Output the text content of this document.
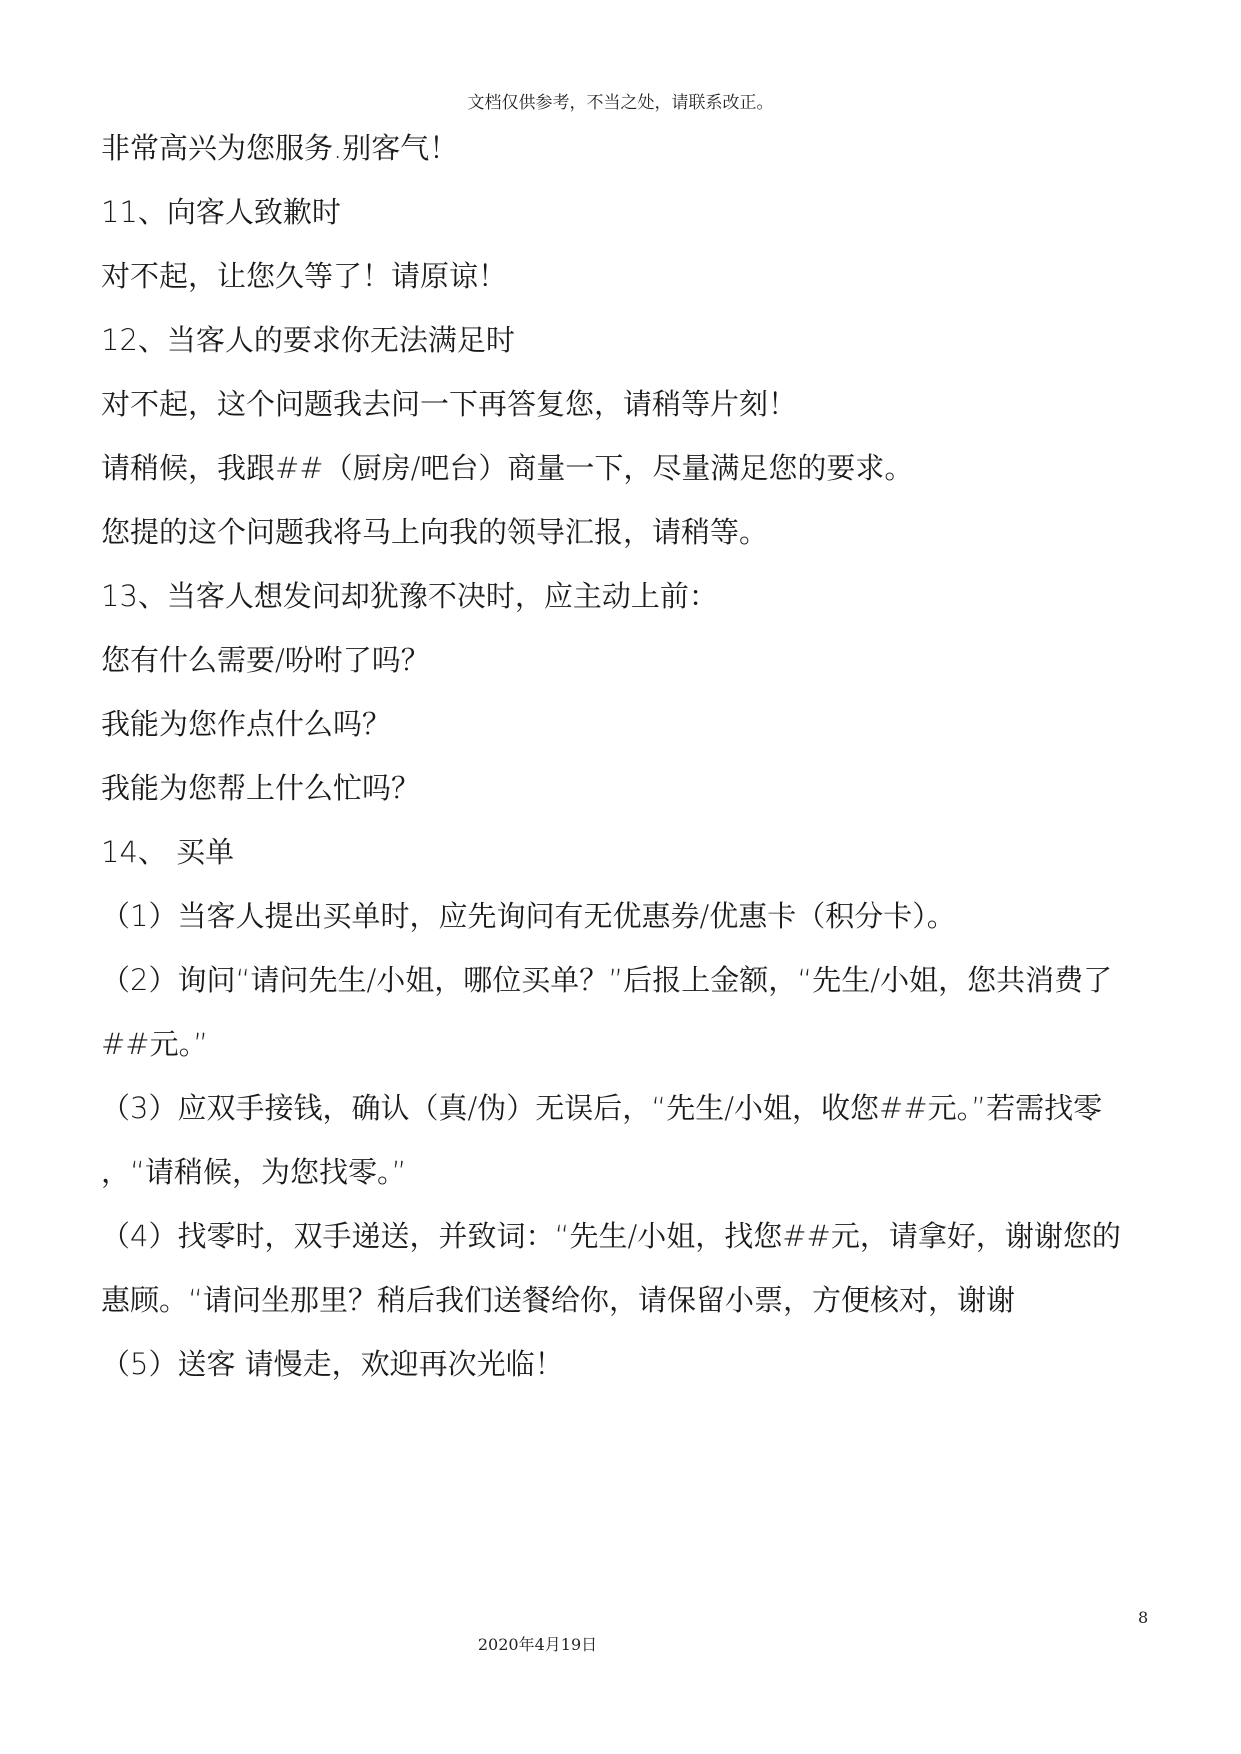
文档仅供参考，不当之处，请联系改正。
非常高兴为您服务.别客气！
11、向客人致歉时
对不起，让您久等了！请原谅！
12、当客人的要求你无法满足时
对不起，这个问题我去问一下再答复您，请稍等片刻！
请稍候，我跟##（厨房/吧台）商量一下，尽量满足您的要求。
您提的这个问题我将马上向我的领导汇报，请稍等。
13、当客人想发问却犹豫不决时，应主动上前：
您有什么需要/吩咐了吗？
我能为您作点什么吗？
我能为您帮上什么忙吗？
14、 买单
（1）当客人提出买单时，应先询问有无优惠券/优惠卡（积分卡）。
（2）询问“请问先生/小姐，哪位买单？”后报上金额，“先生/小姐，您共消费了
##元。”
（3）应双手接钱，确认（真/伪）无误后，“先生/小姐，收您##元。”若需找零
，“请稍候，为您找零。”
（4）找零时，双手递送，并致词：“先生/小姐，找您##元，请拿好，谢谢您的
惠顾。“请问坐那里？稍后我们送餐给你，请保留小票，方便核对，谢谢
（5）送客 请慢走，欢迎再次光临！
8
2020年4月19日
